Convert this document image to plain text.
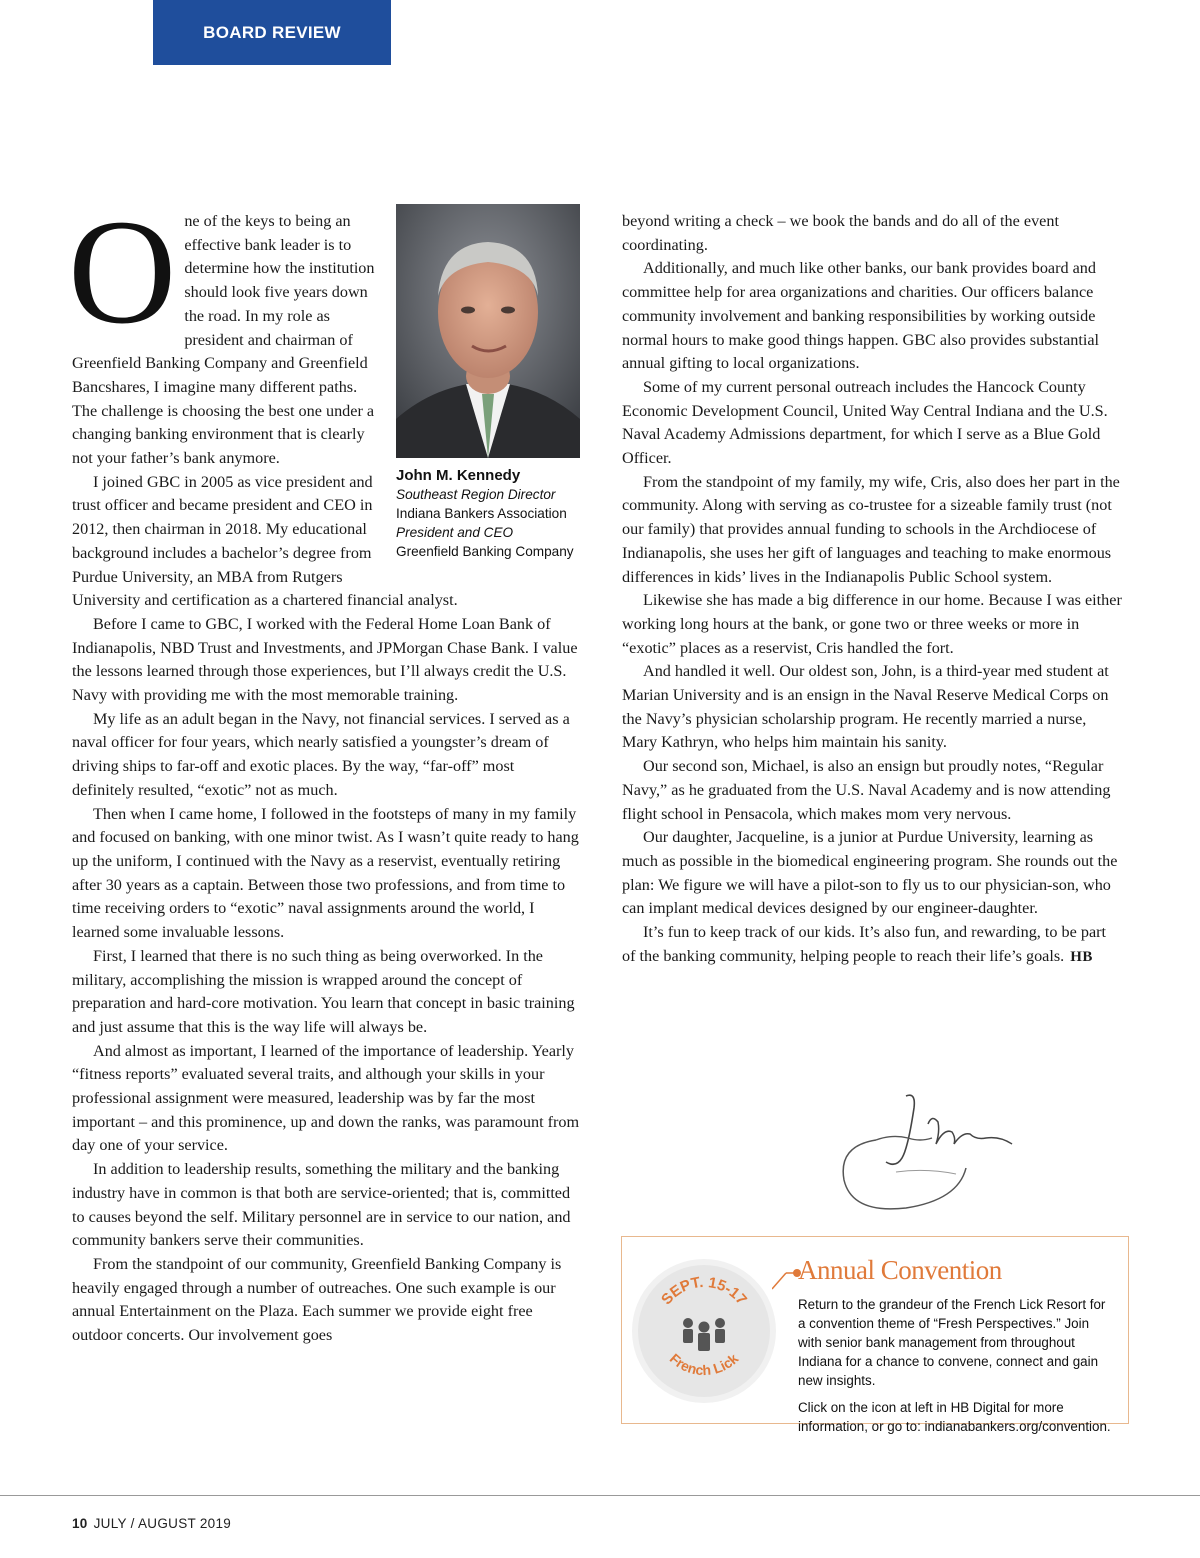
BOARD REVIEW
John M. Kennedy
Southeast Region Director
Indiana Bankers Association
President and CEO
Greenfield Banking Company

One of the keys to being an effective bank leader is to determine how the institution should look five years down the road. In my role as president and chairman of Greenfield Banking Company and Greenfield Bancshares, I imagine many different paths. The challenge is choosing the best one under a changing banking environment that is clearly not your father’s bank anymore.

I joined GBC in 2005 as vice president and trust officer and became president and CEO in 2012, then chairman in 2018. My educational background includes a bachelor’s degree from Purdue University, an MBA from Rutgers University and certification as a chartered financial analyst.

Before I came to GBC, I worked with the Federal Home Loan Bank of Indianapolis, NBD Trust and Investments, and JPMorgan Chase Bank. I value the lessons learned through those experiences, but I’ll always credit the U.S. Navy with providing me with the most memorable training.

My life as an adult began in the Navy, not financial services. I served as a naval officer for four years, which nearly satisfied a youngster’s dream of driving ships to far-off and exotic places. By the way, “far-off” most definitely resulted, “exotic” not as much.

Then when I came home, I followed in the footsteps of many in my family and focused on banking, with one minor twist. As I wasn’t quite ready to hang up the uniform, I continued with the Navy as a reservist, eventually retiring after 30 years as a captain. Between those two professions, and from time to time receiving orders to “exotic” naval assignments around the world, I learned some invaluable lessons.

First, I learned that there is no such thing as being overworked. In the military, accomplishing the mission is wrapped around the concept of preparation and hard-core motivation. You learn that concept in basic training and just assume that this is the way life will always be.

And almost as important, I learned of the importance of leadership. Yearly “fitness reports” evaluated several traits, and although your skills in your professional assignment were measured, leadership was by far the most important – and this prominence, up and down the ranks, was paramount from day one of your service.

In addition to leadership results, something the military and the banking industry have in common is that both are service-oriented; that is, committed to causes beyond the self. Military personnel are in service to our nation, and community bankers serve their communities.

From the standpoint of our community, Greenfield Banking Company is heavily engaged through a number of outreaches. One such example is our annual Entertainment on the Plaza. Each summer we provide eight free outdoor concerts. Our involvement goes

beyond writing a check – we book the bands and do all of the event coordinating.

Additionally, and much like other banks, our bank provides board and committee help for area organizations and charities. Our officers balance community involvement and banking responsibilities by working outside normal hours to make good things happen. GBC also provides substantial annual gifting to local organizations.

Some of my current personal outreach includes the Hancock County Economic Development Council, United Way Central Indiana and the U.S. Naval Academy Admissions department, for which I serve as a Blue Gold Officer.

From the standpoint of my family, my wife, Cris, also does her part in the community. Along with serving as co-trustee for a sizeable family trust (not our family) that provides annual funding to schools in the Archdiocese of Indianapolis, she uses her gift of languages and teaching to make enormous differences in kids’ lives in the Indianapolis Public School system.

Likewise she has made a big difference in our home. Because I was either working long hours at the bank, or gone two or three weeks or more in “exotic” places as a reservist, Cris handled the fort.

And handled it well. Our oldest son, John, is a third-year med student at Marian University and is an ensign in the Naval Reserve Medical Corps on the Navy’s physician scholarship program. He recently married a nurse, Mary Kathryn, who helps him maintain his sanity.

Our second son, Michael, is also an ensign but proudly notes, “Regular Navy,” as he graduated from the U.S. Naval Academy and is now attending flight school in Pensacola, which makes mom very nervous.

Our daughter, Jacqueline, is a junior at Purdue University, learning as much as possible in the biomedical engineering program. She rounds out the plan: We figure we will have a pilot-son to fly us to our physician-son, who can implant medical devices designed by our engineer-daughter.

It’s fun to keep track of our kids. It’s also fun, and rewarding, to be part of the banking community, helping people to reach their life’s goals. HB

SEPT. 15-17
French Lick
Annual Convention

Return to the grandeur of the French Lick Resort for a convention theme of “Fresh Perspectives.” Join with senior bank management from throughout Indiana for a chance to convene, connect and gain new insights.

Click on the icon at left in HB Digital for more information, or go to: indianabankers.org/convention.

10 JULY / AUGUST 2019
